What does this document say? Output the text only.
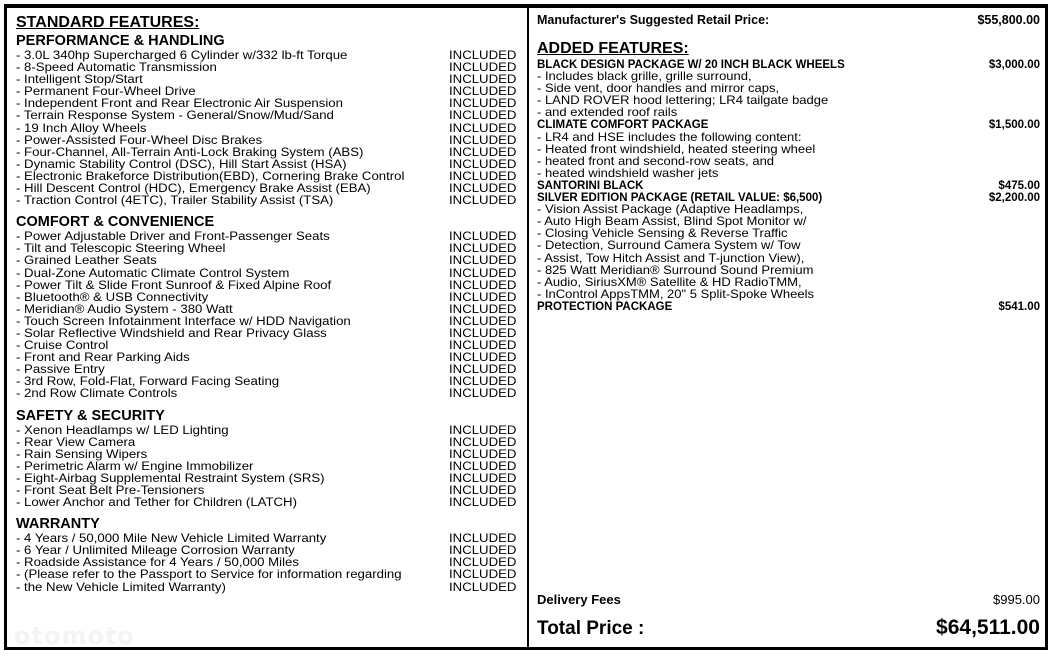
STANDARD FEATURES:
PERFORMANCE & HANDLING
- 3.0L 340hp Supercharged 6 Cylinder w/332 lb-ft Torque	INCLUDED
- 8-Speed Automatic Transmission	INCLUDED
- Intelligent Stop/Start	INCLUDED
- Permanent Four-Wheel Drive	INCLUDED
- Independent Front and Rear Electronic Air Suspension	INCLUDED
- Terrain Response System - General/Snow/Mud/Sand	INCLUDED
- 19 Inch Alloy Wheels	INCLUDED
- Power-Assisted Four-Wheel Disc Brakes	INCLUDED
- Four-Channel, All-Terrain Anti-Lock Braking System (ABS)	INCLUDED
- Dynamic Stability Control (DSC), Hill Start Assist (HSA)	INCLUDED
- Electronic Brakeforce Distribution(EBD), Cornering Brake Control	INCLUDED
- Hill Descent Control (HDC), Emergency Brake Assist (EBA)	INCLUDED
- Traction Control (4ETC), Trailer Stability Assist (TSA)	INCLUDED
COMFORT & CONVENIENCE
- Power Adjustable Driver and Front-Passenger Seats	INCLUDED
- Tilt and Telescopic Steering Wheel	INCLUDED
- Grained Leather Seats	INCLUDED
- Dual-Zone Automatic Climate Control System	INCLUDED
- Power Tilt & Slide Front Sunroof & Fixed Alpine Roof	INCLUDED
- Bluetooth® & USB Connectivity	INCLUDED
- Meridian® Audio System - 380 Watt	INCLUDED
- Touch Screen Infotainment Interface w/ HDD Navigation	INCLUDED
- Solar Reflective Windshield and Rear Privacy Glass	INCLUDED
- Cruise Control	INCLUDED
- Front and Rear Parking Aids	INCLUDED
- Passive Entry	INCLUDED
- 3rd Row, Fold-Flat, Forward Facing Seating	INCLUDED
- 2nd Row Climate Controls	INCLUDED
SAFETY & SECURITY
- Xenon Headlamps w/ LED Lighting	INCLUDED
- Rear View Camera	INCLUDED
- Rain Sensing Wipers	INCLUDED
- Perimetric Alarm w/ Engine Immobilizer	INCLUDED
- Eight-Airbag Supplemental Restraint System (SRS)	INCLUDED
- Front Seat Belt Pre-Tensioners	INCLUDED
- Lower Anchor and Tether for Children (LATCH)	INCLUDED
WARRANTY
- 4 Years / 50,000 Mile New Vehicle Limited Warranty	INCLUDED
- 6 Year / Unlimited Mileage Corrosion Warranty	INCLUDED
- Roadside Assistance for 4 Years / 50,000 Miles	INCLUDED
- (Please refer to the Passport to Service for information regarding	INCLUDED
- the New Vehicle Limited Warranty)	INCLUDED
Manufacturer's Suggested Retail Price:	$55,800.00
ADDED FEATURES:
BLACK DESIGN PACKAGE W/ 20 INCH BLACK WHEELS	$3,000.00
- Includes black grille, grille surround,
- Side vent, door handles and mirror caps,
- LAND ROVER hood lettering; LR4 tailgate badge
- and extended roof rails
CLIMATE COMFORT PACKAGE	$1,500.00
- LR4 and HSE includes the following content:
- Heated front windshield, heated steering wheel
- heated front and second-row seats, and
- heated windshield washer jets
SANTORINI BLACK	$475.00
SILVER EDITION PACKAGE (RETAIL VALUE: $6,500)	$2,200.00
- Vision Assist Package (Adaptive Headlamps,
- Auto High Beam Assist, Blind Spot Monitor w/
- Closing Vehicle Sensing & Reverse Traffic
- Detection, Surround Camera System w/ Tow
- Assist, Tow Hitch Assist and T-junction View),
- 825 Watt Meridian® Surround Sound Premium
- Audio, SiriusXM® Satellite & HD RadioTMM,
- InControl AppsTMM, 20" 5 Split-Spoke Wheels
PROTECTION PACKAGE	$541.00
Delivery Fees	$995.00
Total Price :	$64,511.00
otomoto
